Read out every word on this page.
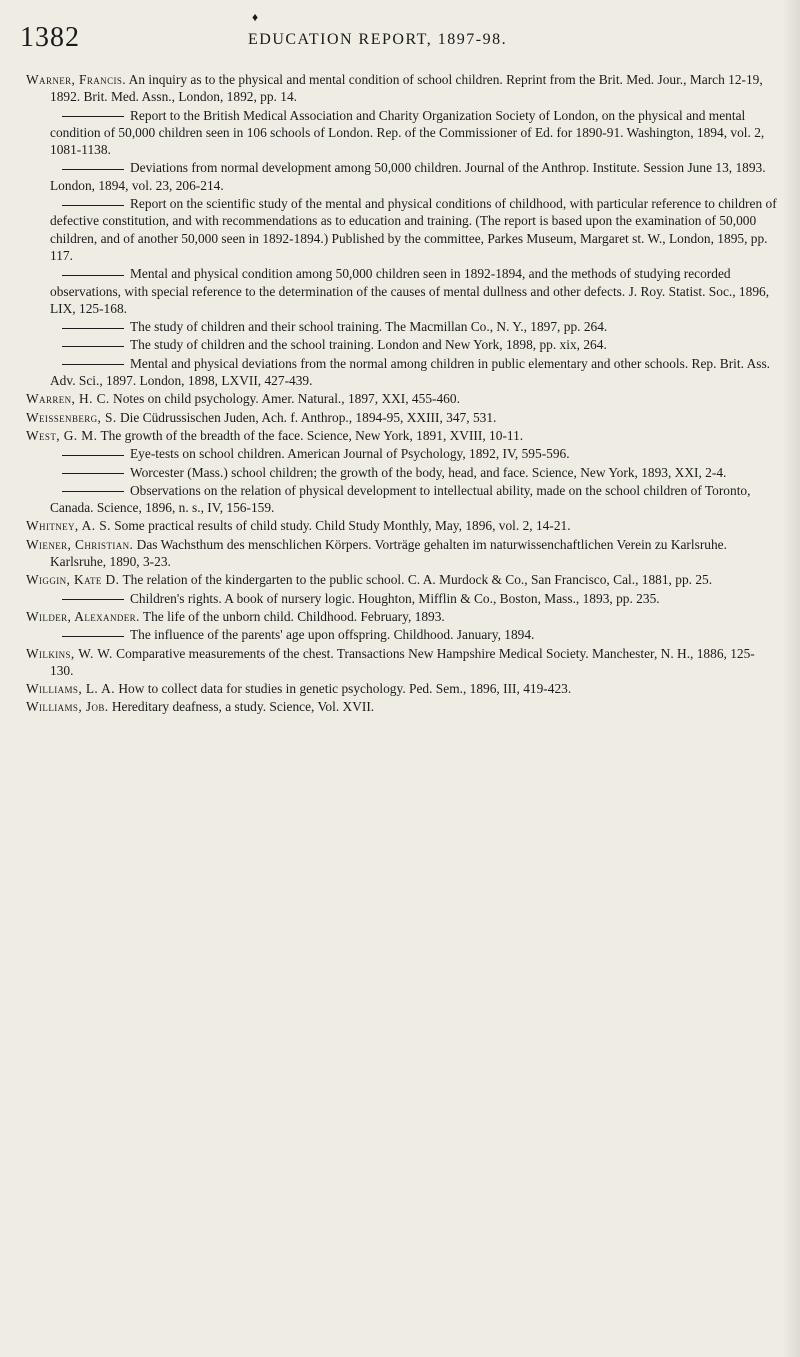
♦
1382	EDUCATION REPORT, 1897-98.

Warner, Francis. An inquiry as to the physical and mental condition of school children. Reprint from the Brit. Med. Jour., March 12-19, 1892. Brit. Med. Assn., London, 1892, pp. 14.

Report to the British Medical Association and Charity Organization Society of London, on the physical and mental condition of 50,000 children seen in 106 schools of London. Rep. of the Commissioner of Ed. for 1890-91. Washington, 1894, vol. 2, 1081-1138.

Deviations from normal development among 50,000 children. Journal of the Anthrop. Institute. Session June 13, 1893. London, 1894, vol. 23, 206-214.

Report on the scientific study of the mental and physical conditions of childhood, with particular reference to children of defective constitution, and with recommendations as to education and training. (The report is based upon the examination of 50,000 children, and of another 50,000 seen in 1892-1894.) Published by the committee, Parkes Museum, Margaret st. W., London, 1895, pp. 117.

Mental and physical condition among 50,000 children seen in 1892-1894, and the methods of studying recorded observations, with special reference to the determination of the causes of mental dullness and other defects. J. Roy. Statist. Soc., 1896, LIX, 125-168.

The study of children and their school training. The Macmillan Co., N. Y., 1897, pp. 264.

The study of children and the school training. London and New York, 1898, pp. xix, 264.

Mental and physical deviations from the normal among children in public elementary and other schools. Rep. Brit. Ass. Adv. Sci., 1897. London, 1898, LXVII, 427-439.

Warren, H. C. Notes on child psychology. Amer. Natural., 1897, XXI, 455-460.

Weissenberg, S. Die Cüdrussischen Juden, Ach. f. Anthrop., 1894-95, XXIII, 347, 531.

West, G. M. The growth of the breadth of the face. Science, New York, 1891, XVIII, 10-11.

Eye-tests on school children. American Journal of Psychology, 1892, IV, 595-596.

Worcester (Mass.) school children; the growth of the body, head, and face. Science, New York, 1893, XXI, 2-4.

Observations on the relation of physical development to intellectual ability, made on the school children of Toronto, Canada. Science, 1896, n. s., IV, 156-159.

Whitney, A. S. Some practical results of child study. Child Study Monthly, May, 1896, vol. 2, 14-21.

Wiener, Christian. Das Wachsthum des menschlichen Körpers. Vorträge gehalten im naturwissenchaftlichen Verein zu Karlsruhe. Karlsruhe, 1890, 3-23.

Wiggin, Kate D. The relation of the kindergarten to the public school. C. A. Murdock & Co., San Francisco, Cal., 1881, pp. 25.

Children's rights. A book of nursery logic. Houghton, Mifflin & Co., Boston, Mass., 1893, pp. 235.

Wilder, Alexander. The life of the unborn child. Childhood. February, 1893.

The influence of the parents' age upon offspring. Childhood. January, 1894.

Wilkins, W. W. Comparative measurements of the chest. Transactions New Hampshire Medical Society. Manchester, N. H., 1886, 125-130.

Williams, L. A. How to collect data for studies in genetic psychology. Ped. Sem., 1896, III, 419-423.

Williams, Job. Hereditary deafness, a study. Science, Vol. XVII.
